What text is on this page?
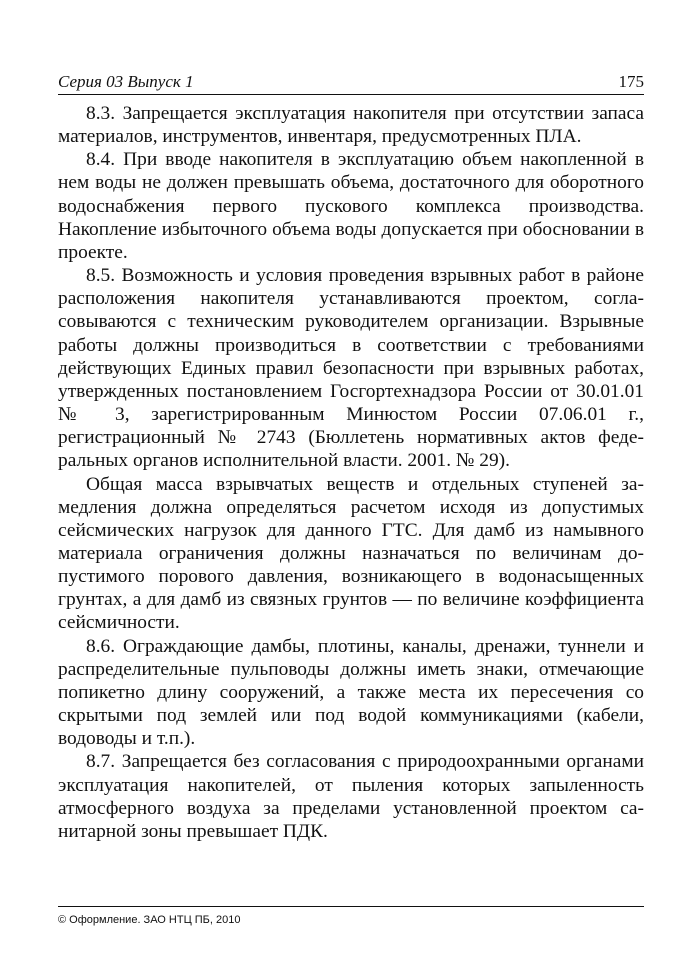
Серия 03 Выпуск 1	175

8.3. Запрещается эксплуатация накопителя при отсутствии запаса материалов, инструментов, инвентаря, предусмотренных ПЛА.

8.4. При вводе накопителя в эксплуатацию объем накопленной в нем воды не должен превышать объема, достаточного для оборотного водоснабжения первого пускового комплекса производства. Накопление избыточного объема воды допускается при обосновании в проекте.

8.5. Возможность и условия проведения взрывных работ в районе расположения накопителя устанавливаются проектом, согласовываются с техническим руководителем организации. Взрывные работы должны производиться в соответствии с требованиями действующих Единых правил безопасности при взрывных работах, утвержденных постановлением Госгортехнадзора России от 30.01.01 № 3, зарегистрированным Минюстом России 07.06.01 г., регистрационный № 2743 (Бюллетень нормативных актов федеральных органов исполнительной власти. 2001. № 29).

Общая масса взрывчатых веществ и отдельных ступеней замедления должна определяться расчетом исходя из допустимых сейсмических нагрузок для данного ГТС. Для дамб из намывного материала ограничения должны назначаться по величинам допустимого порового давления, возникающего в водонасыщенных грунтах, а для дамб из связных грунтов — по величине коэффициента сейсмичности.

8.6. Ограждающие дамбы, плотины, каналы, дренажи, туннели и распределительные пульповоды должны иметь знаки, отмечающие попикетно длину сооружений, а также места их пересечения со скрытыми под землей или под водой коммуникациями (кабели, водоводы и т.п.).

8.7. Запрещается без согласования с природоохранными органами эксплуатация накопителей, от пыления которых запыленность атмосферного воздуха за пределами установленной проектом санитарной зоны превышает ПДК.

© Оформление. ЗАО НТЦ ПБ, 2010
